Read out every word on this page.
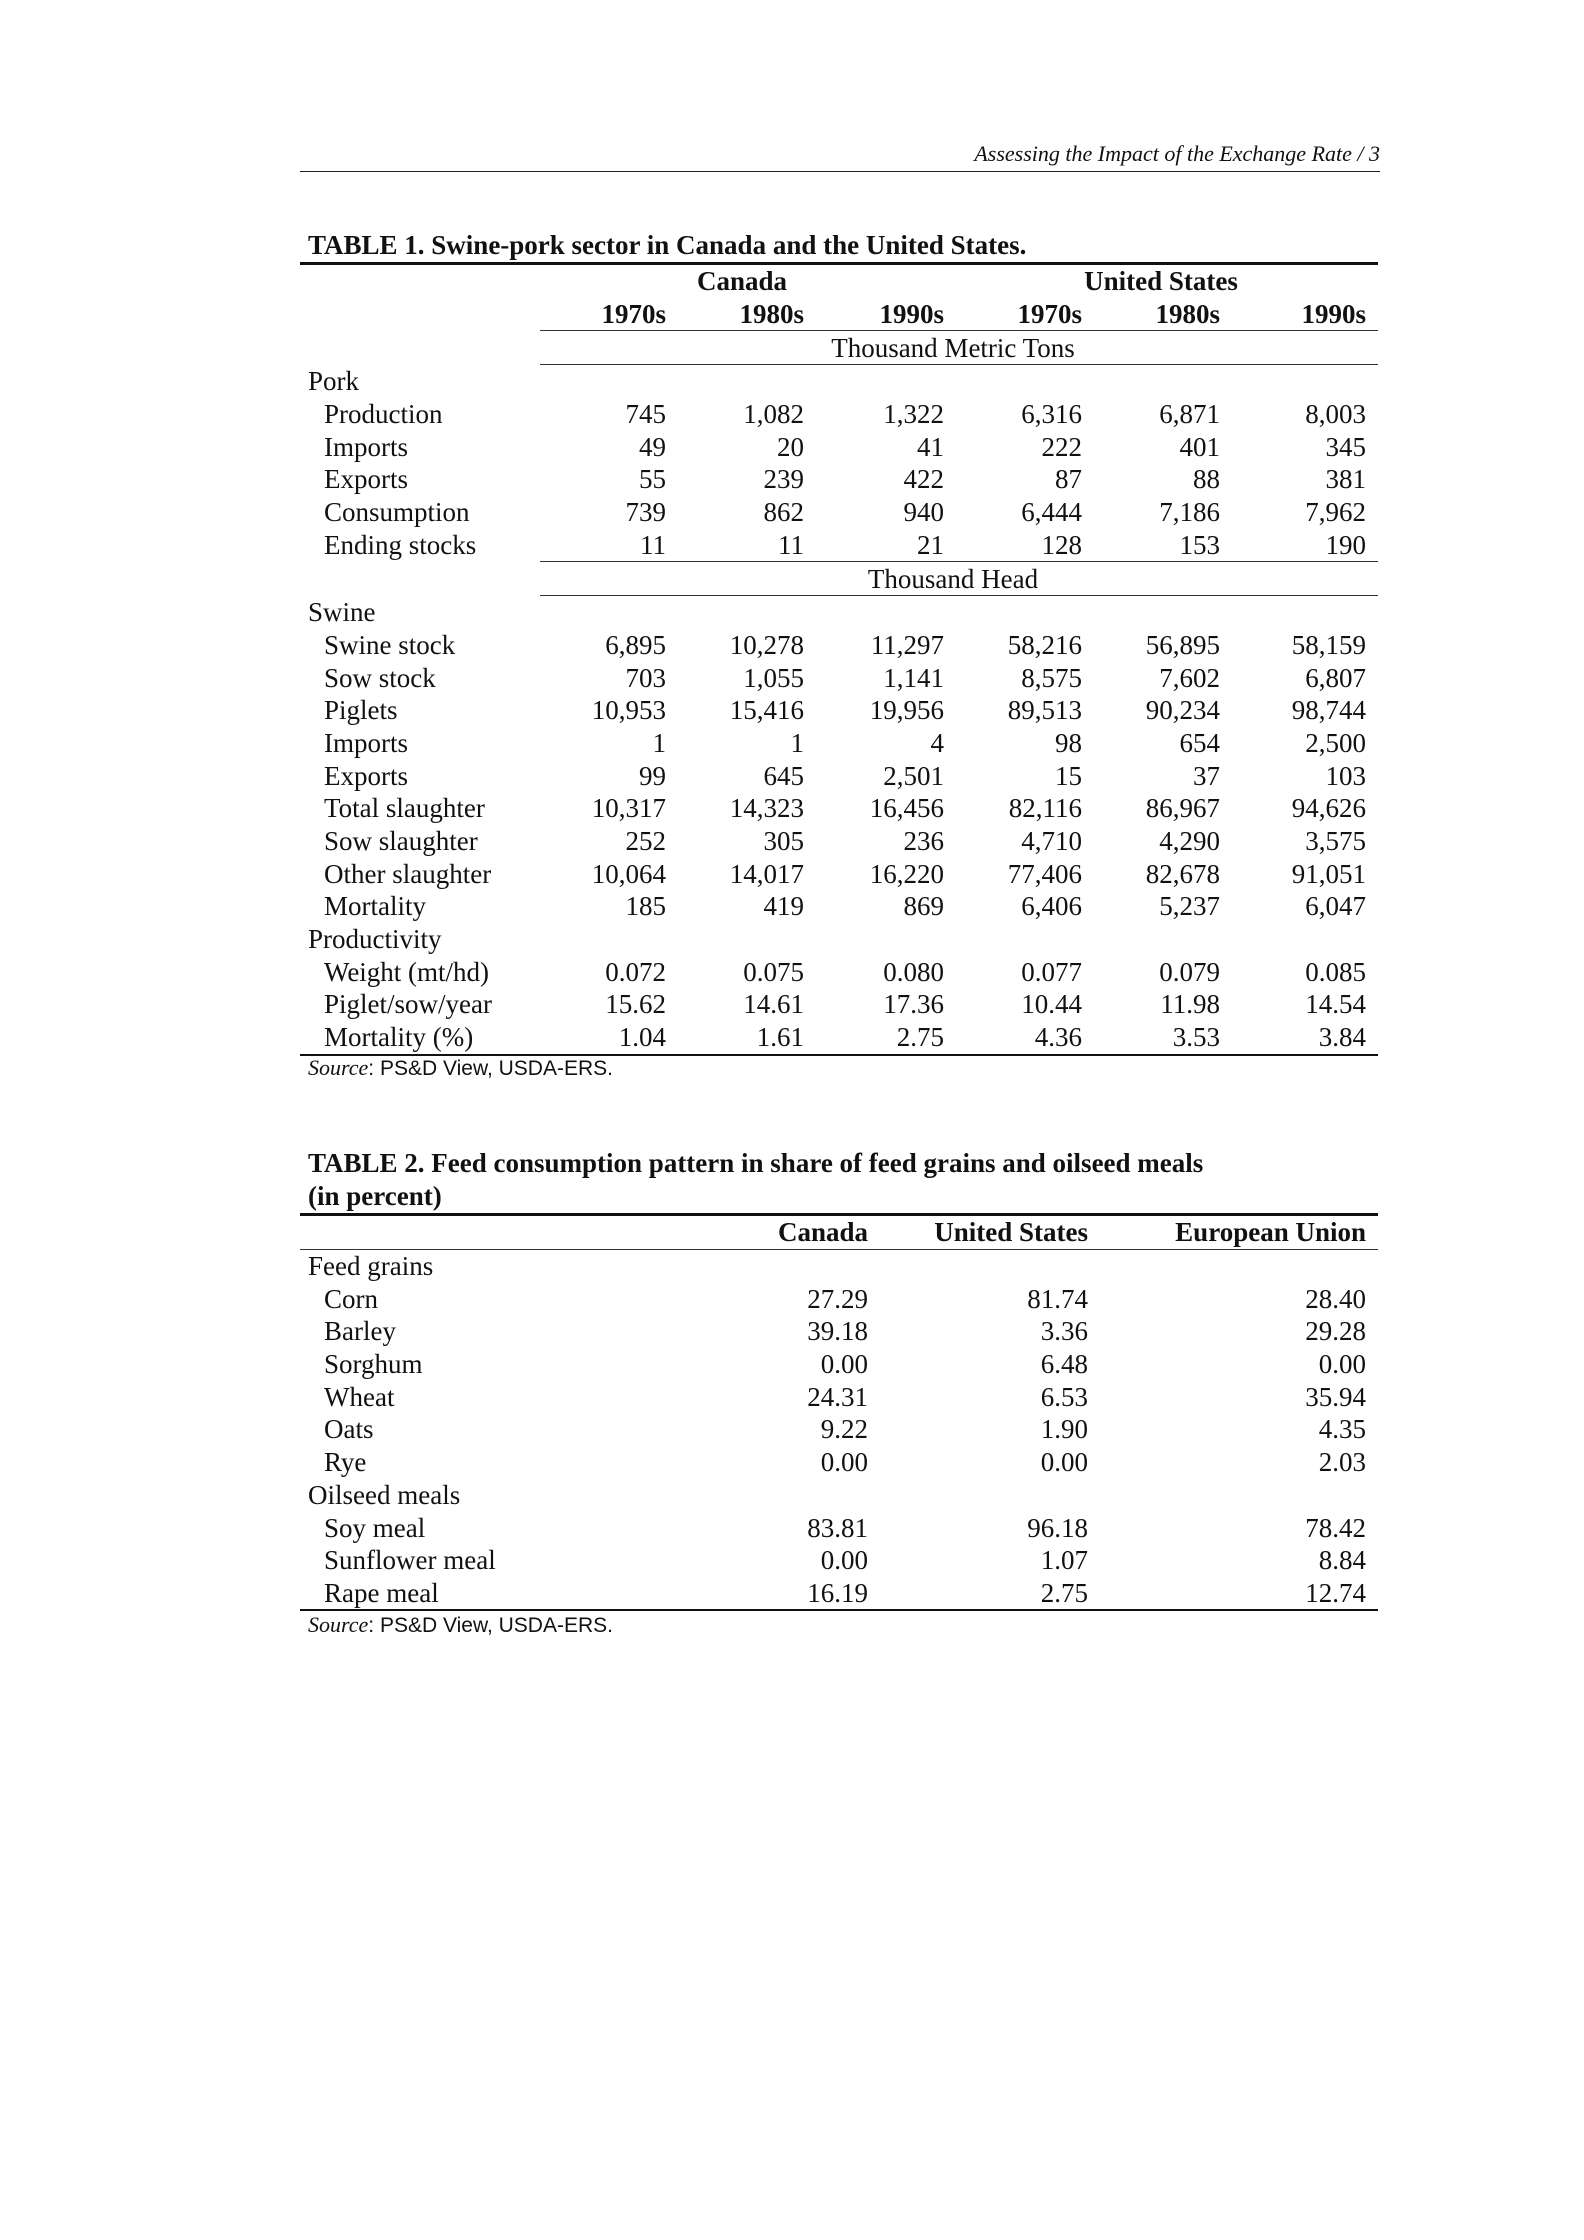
Assessing the Impact of the Exchange Rate / 3
TABLE 1. Swine-pork sector in Canada and the United States.
	Canada			United States		
	1970s	1980s	1990s	1970s	1980s	1990s
	Thousand Metric Tons					
Pork						
Production	745	1,082	1,322	6,316	6,871	8,003
Imports	49	20	41	222	401	345
Exports	55	239	422	87	88	381
Consumption	739	862	940	6,444	7,186	7,962
Ending stocks	11	11	21	128	153	190
	Thousand Head					
Swine						
Swine stock	6,895	10,278	11,297	58,216	56,895	58,159
Sow stock	703	1,055	1,141	8,575	7,602	6,807
Piglets	10,953	15,416	19,956	89,513	90,234	98,744
Imports	1	1	4	98	654	2,500
Exports	99	645	2,501	15	37	103
Total slaughter	10,317	14,323	16,456	82,116	86,967	94,626
Sow slaughter	252	305	236	4,710	4,290	3,575
Other slaughter	10,064	14,017	16,220	77,406	82,678	91,051
Mortality	185	419	869	6,406	5,237	6,047
Productivity						
Weight (mt/hd)	0.072	0.075	0.080	0.077	0.079	0.085
Piglet/sow/year	15.62	14.61	17.36	10.44	11.98	14.54
Mortality (%)	1.04	1.61	2.75	4.36	3.53	3.84
Source: PS&D View, USDA-ERS.
TABLE 2. Feed consumption pattern in share of feed grains and oilseed meals
(in percent)
	Canada	United States	European Union
Feed grains			
Corn	27.29	81.74	28.40
Barley	39.18	3.36	29.28
Sorghum	0.00	6.48	0.00
Wheat	24.31	6.53	35.94
Oats	9.22	1.90	4.35
Rye	0.00	0.00	2.03
Oilseed meals			
Soy meal	83.81	96.18	78.42
Sunflower meal	0.00	1.07	8.84
Rape meal	16.19	2.75	12.74
Source: PS&D View, USDA-ERS.
